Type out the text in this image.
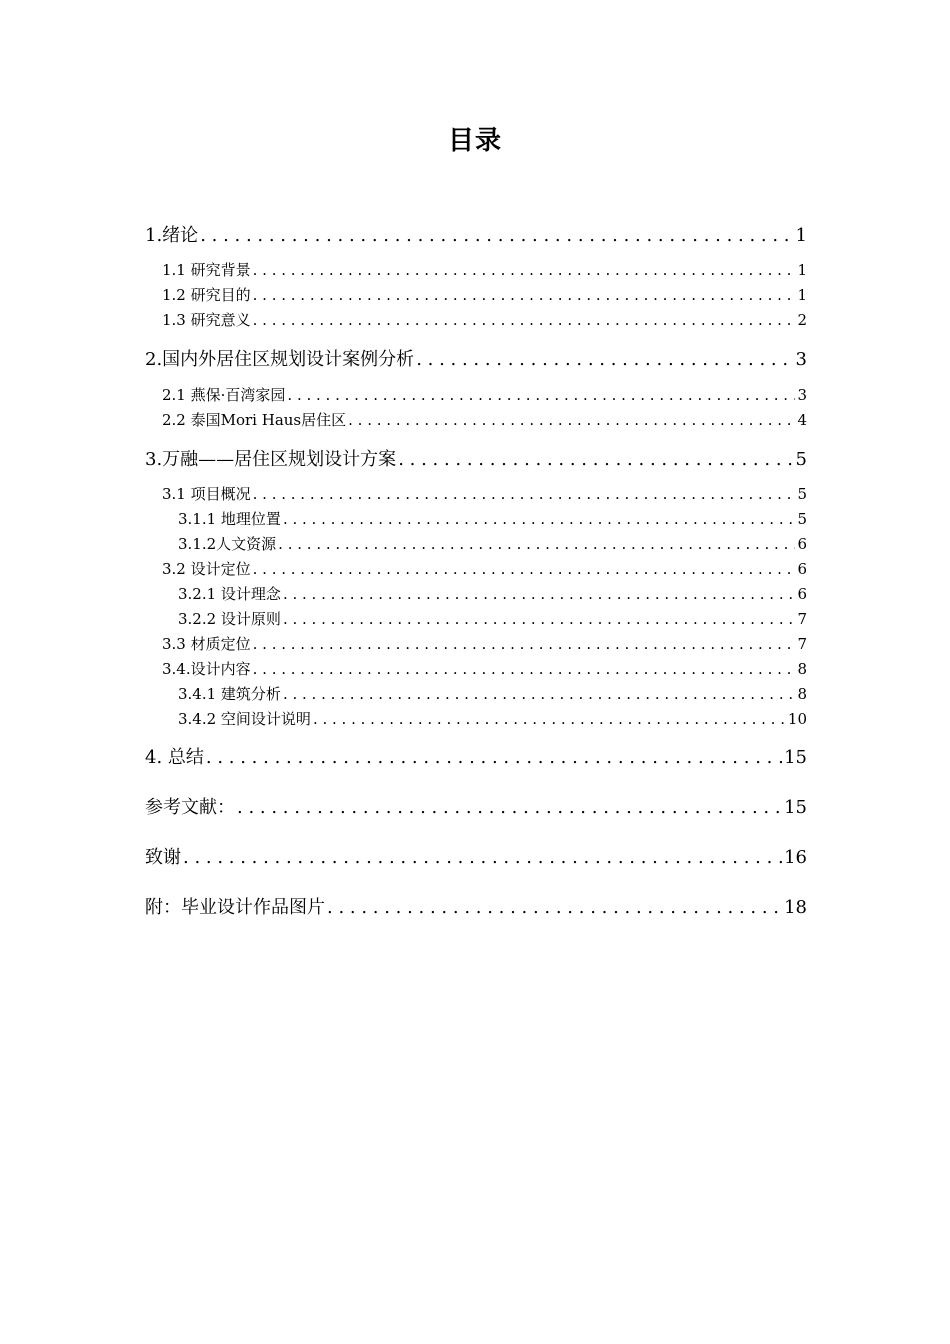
目录
1.绪论 . . .	1
1.1 研究背景 . . .	1
1.2 研究目的 . . .	1
1.3 研究意义 . . .	2
2.国内外居住区规划设计案例分析 . . .	3
2.1 燕保·百湾家园 . . .	3
2.2 泰国Mori Haus居住区 . . .	4
3.万融——居住区规划设计方案 . . .	5
3.1 项目概况 . . .	5
3.1.1 地理位置 . . .	5
3.1.2人文资源 . . .	6
3.2 设计定位 . . .	6
3.2.1 设计理念 . . .	6
3.2.2 设计原则 . . .	7
3.3 材质定位 . . .	7
3.4.设计内容 . . .	8
3.4.1 建筑分析 . . .	8
3.4.2 空间设计说明 . . .	10
4. 总结 . . .	15
参考文献： . . .	15
致谢 . . .	16
附：毕业设计作品图片 . . .	18
